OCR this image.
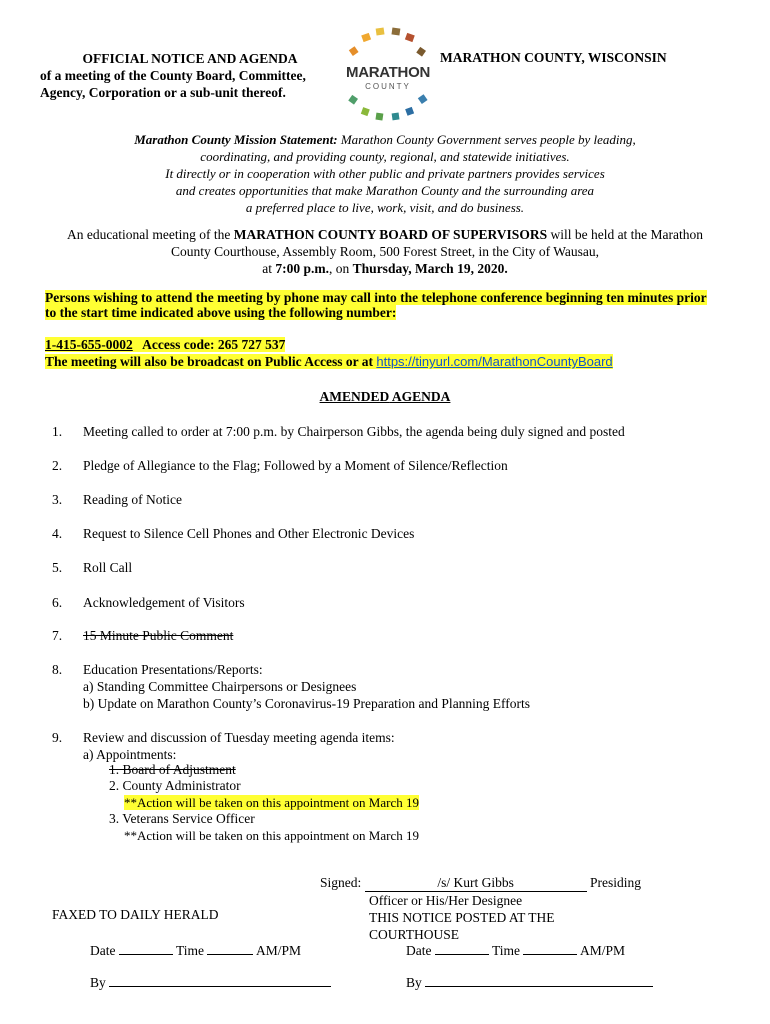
OFFICIAL NOTICE AND AGENDA
of a meeting of the County Board, Committee,
Agency, Corporation or a sub-unit thereof.
MARATHON
COUNTY
MARATHON COUNTY, WISCONSIN
Marathon County Mission Statement: Marathon County Government serves people by leading,
coordinating, and providing county, regional, and statewide initiatives.
It directly or in cooperation with other public and private partners provides services
and creates opportunities that make Marathon County and the surrounding area
a preferred place to live, work, visit, and do business.
An educational meeting of the MARATHON COUNTY BOARD OF SUPERVISORS will be held at the Marathon
County Courthouse, Assembly Room, 500 Forest Street, in the City of Wausau,
at 7:00 p.m., on Thursday, March 19, 2020.
Persons wishing to attend the meeting by phone may call into the telephone conference beginning ten minutes prior
to the start time indicated above using the following number:
1-415-655-0002   Access code: 265 727 537
The meeting will also be broadcast on Public Access or at https://tinyurl.com/MarathonCountyBoard
AMENDED AGENDA
1. Meeting called to order at 7:00 p.m. by Chairperson Gibbs, the agenda being duly signed and posted
2. Pledge of Allegiance to the Flag; Followed by a Moment of Silence/Reflection
3. Reading of Notice
4. Request to Silence Cell Phones and Other Electronic Devices
5. Roll Call
6. Acknowledgement of Visitors
7. 15 Minute Public Comment
8. Education Presentations/Reports:
a) Standing Committee Chairpersons or Designees
b) Update on Marathon County’s Coronavirus-19 Preparation and Planning Efforts
9. Review and discussion of Tuesday meeting agenda items:
a) Appointments:
1. Board of Adjustment
2. County Administrator
**Action will be taken on this appointment on March 19
3. Veterans Service Officer
**Action will be taken on this appointment on March 19
Signed:	/s/ Kurt Gibbs	Presiding
Officer or His/Her Designee
THIS NOTICE POSTED AT THE
COURTHOUSE
FAXED TO DAILY HERALD
Date	Time	AM/PM	Date	Time	AM/PM
By	By
